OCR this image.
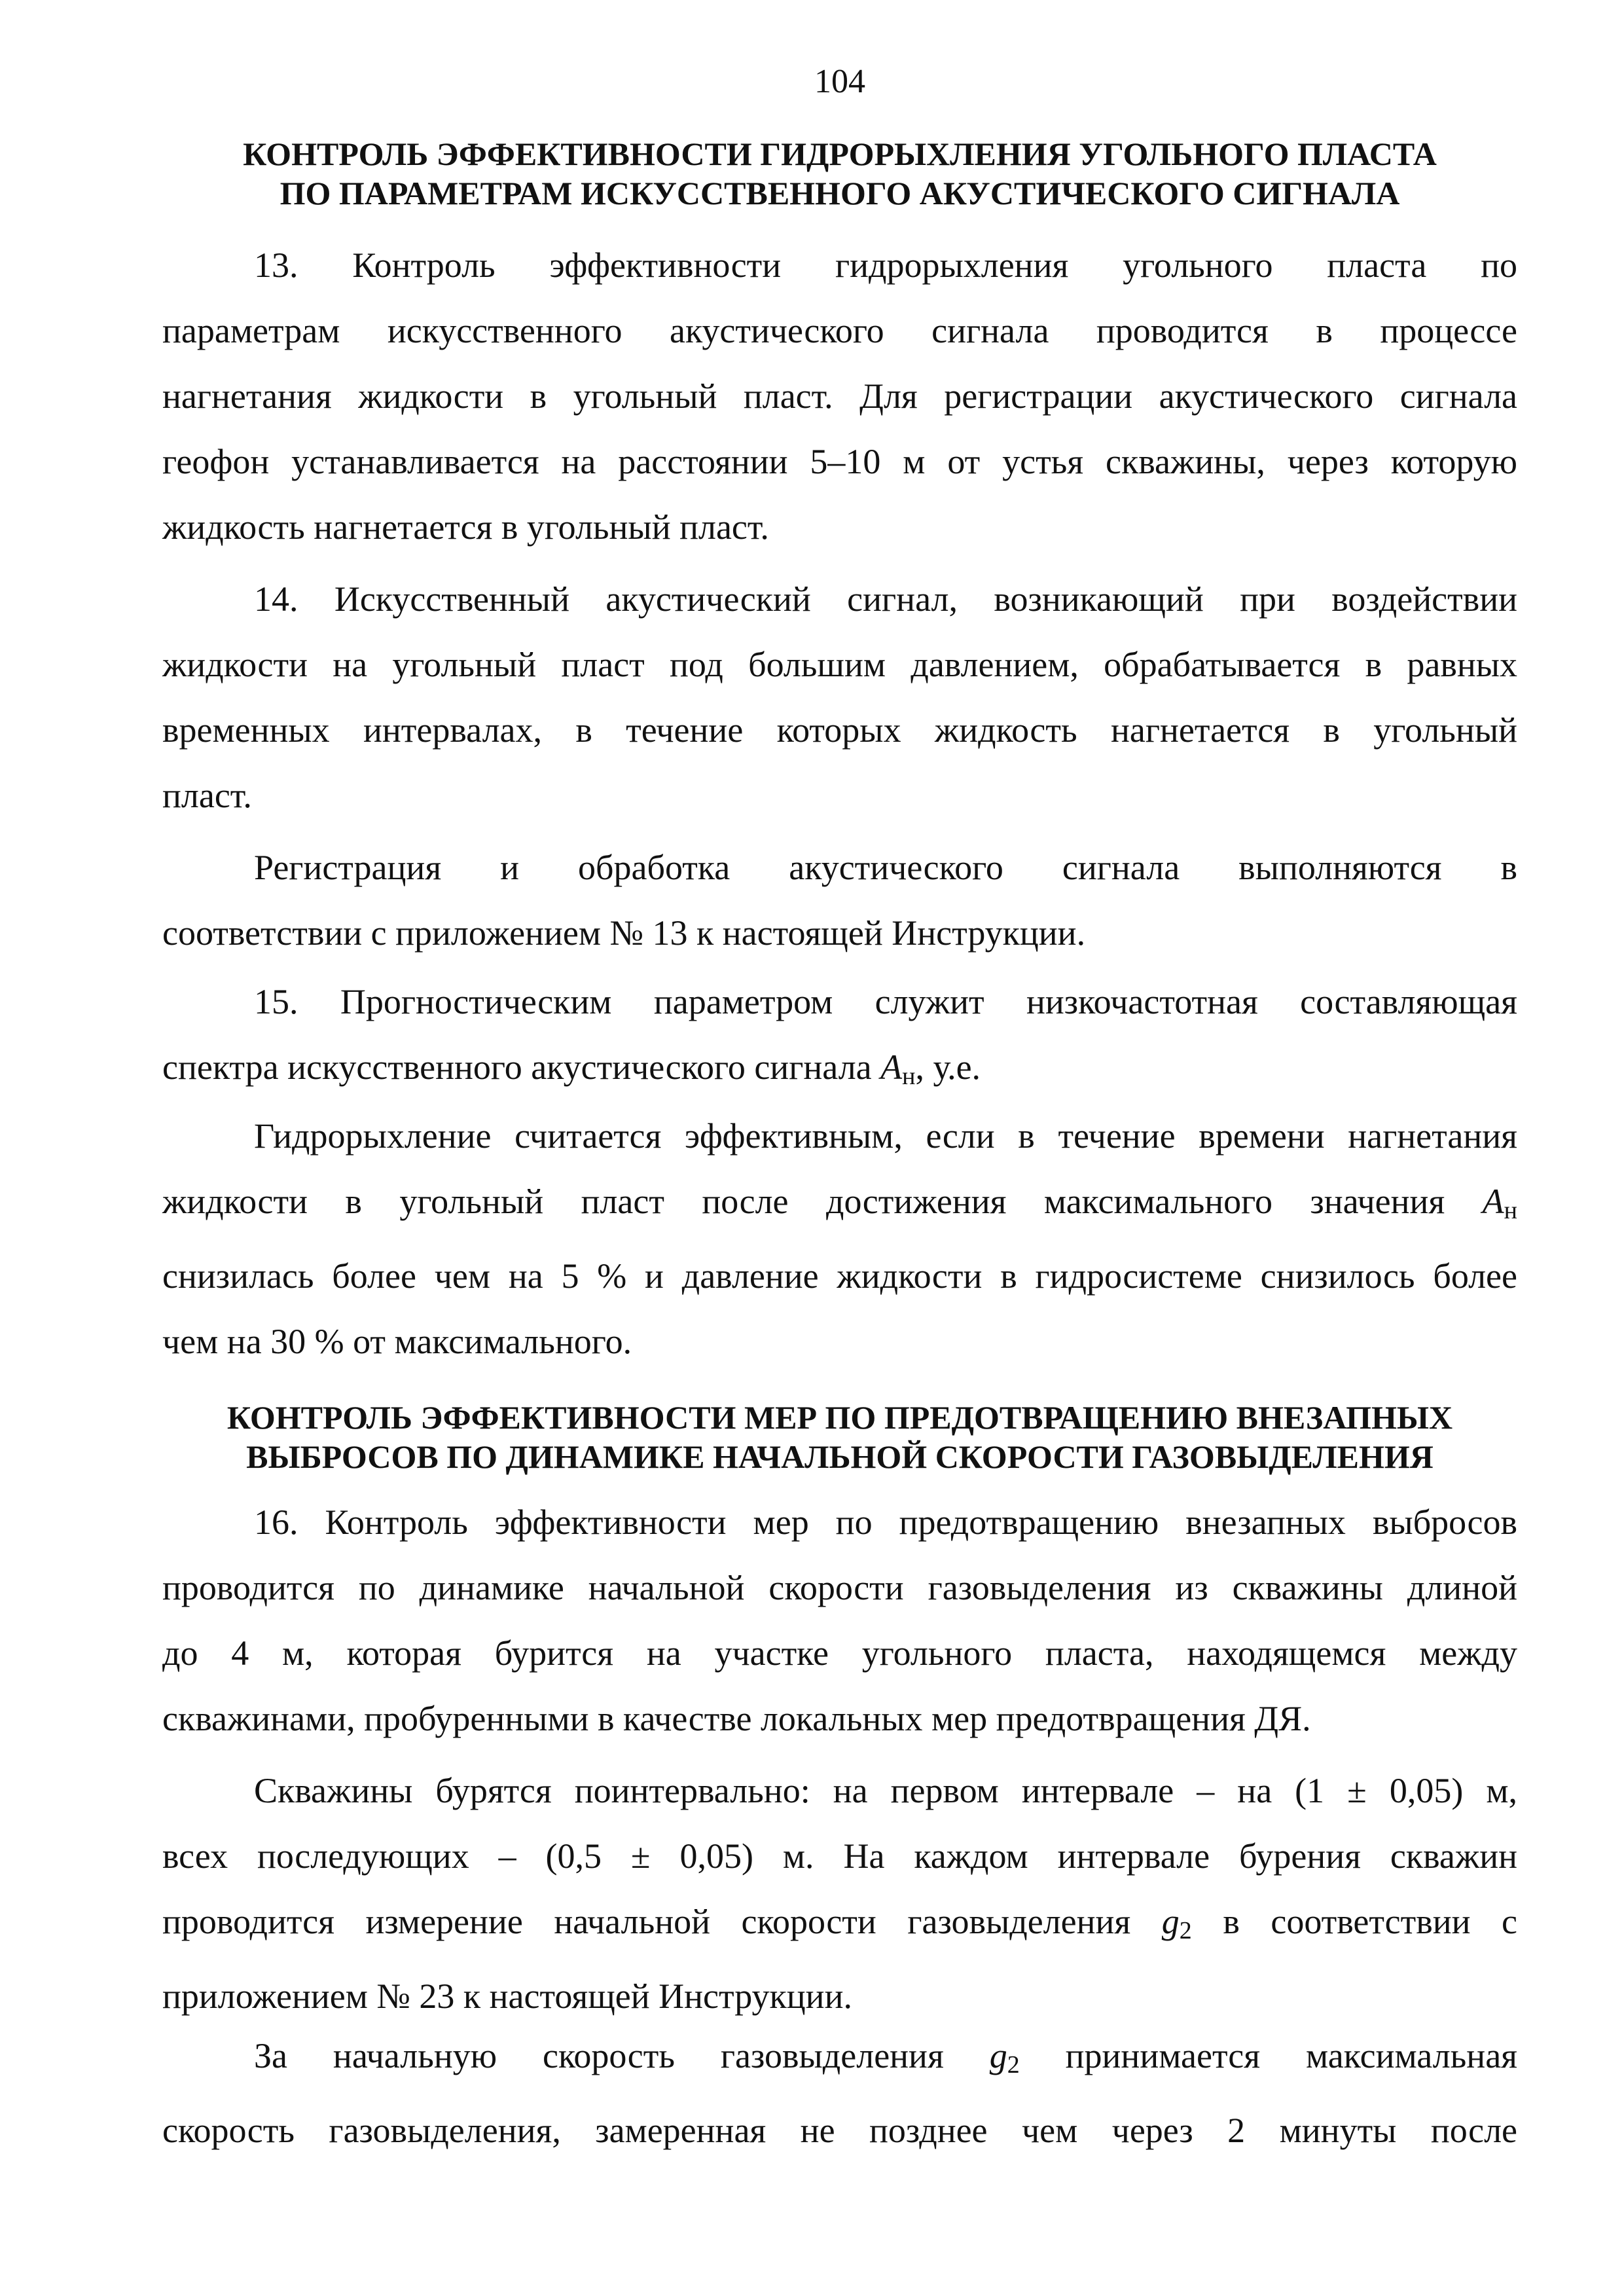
104
КОНТРОЛЬ ЭФФЕКТИВНОСТИ ГИДРОРЫХЛЕНИЯ УГОЛЬНОГО ПЛАСТА
ПО ПАРАМЕТРАМ ИСКУССТВЕННОГО АКУСТИЧЕСКОГО СИГНАЛА
13. Контроль эффективности гидрорыхления угольного пласта по
параметрам искусственного акустического сигнала проводится в процессе
нагнетания жидкости в угольный пласт. Для регистрации акустического сигнала
геофон устанавливается на расстоянии 5–10 м от устья скважины, через которую
жидкость нагнетается в угольный пласт.
14. Искусственный акустический сигнал, возникающий при воздействии
жидкости на угольный пласт под большим давлением, обрабатывается в равных
временных интервалах, в течение которых жидкость нагнетается в угольный
пласт.
Регистрация и обработка акустического сигнала выполняются в
соответствии с приложением № 13 к настоящей Инструкции.
15. Прогностическим параметром служит низкочастотная составляющая
спектра искусственного акустического сигнала $A_н$, у.е.
Гидрорыхление считается эффективным, если в течение времени нагнетания
жидкости в угольный пласт после достижения максимального значения $A_н$
снизилась более чем на 5 % и давление жидкости в гидросистеме снизилось более
чем на 30 % от максимального.
КОНТРОЛЬ ЭФФЕКТИВНОСТИ МЕР ПО ПРЕДОТВРАЩЕНИЮ ВНЕЗАПНЫХ
ВЫБРОСОВ ПО ДИНАМИКЕ НАЧАЛЬНОЙ СКОРОСТИ ГАЗОВЫДЕЛЕНИЯ
16. Контроль эффективности мер по предотвращению внезапных выбросов
проводится по динамике начальной скорости газовыделения из скважины длиной
до 4 м, которая бурится на участке угольного пласта, находящемся между
скважинами, пробуренными в качестве локальных мер предотвращения ДЯ.
Скважины бурятся поинтервально: на первом интервале – на (1 ± 0,05) м,
всех последующих – (0,5 ± 0,05) м. На каждом интервале бурения скважин
проводится измерение начальной скорости газовыделения $g_2$ в соответствии с
приложением № 23 к настоящей Инструкции.
За начальную скорость газовыделения $g_2$ принимается максимальная
скорость газовыделения, замеренная не позднее чем через 2 минуты после
